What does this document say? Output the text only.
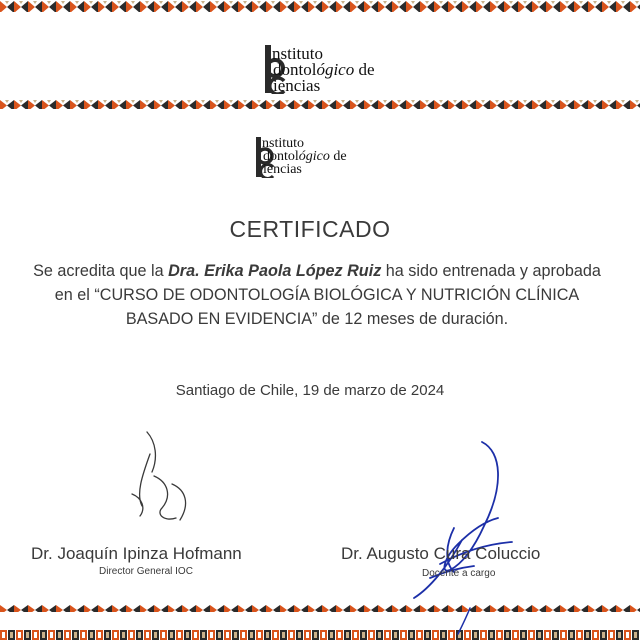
nstituto
dontológico de
iencias
nstituto
dontológico de
iencias
CERTIFICADO
Se acredita que la Dra. Erika Paola López Ruiz ha sido entrenada y aprobada en el “CURSO DE ODONTOLOGÍA BIOLÓGICA Y NUTRICIÓN CLÍNICA BASADO EN EVIDENCIA” de 12 meses de duración.
Santiago de Chile, 19 de marzo de 2024
Dr. Joaquín Ipinza Hofmann
Director General IOC
Dr. Augusto Cura Coluccio
Docente a cargo
